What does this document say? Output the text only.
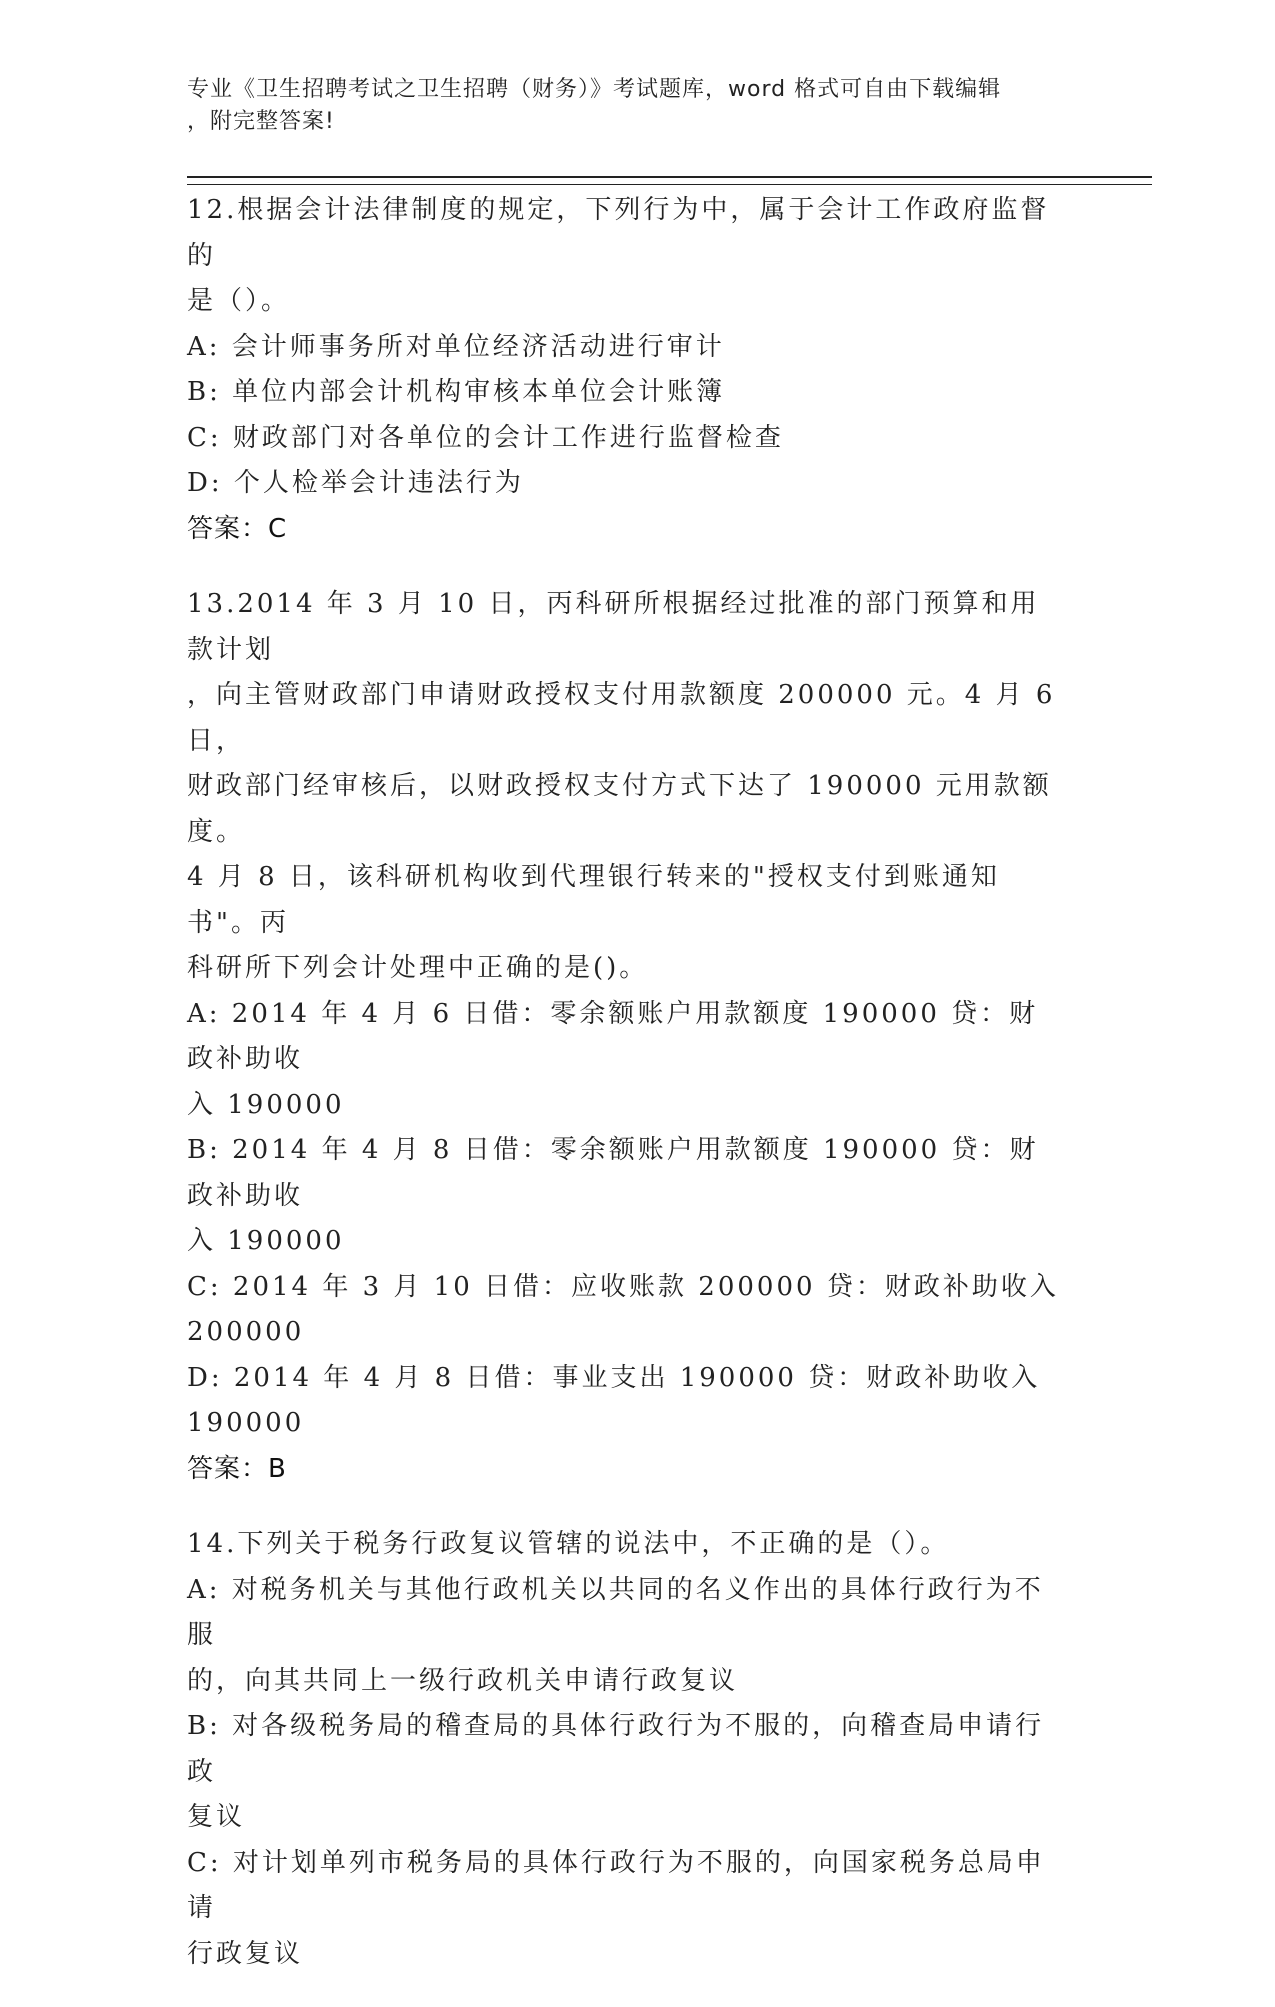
专业《卫生招聘考试之卫生招聘（财务）》考试题库，word 格式可自由下载编辑
，附完整答案!
12.根据会计法律制度的规定，下列行为中，属于会计工作政府监督的
是（）。
A: 会计师事务所对单位经济活动进行审计
B: 单位内部会计机构审核本单位会计账簿
C: 财政部门对各单位的会计工作进行监督检查
D: 个人检举会计违法行为
答案：C
13.2014 年 3 月 10 日，丙科研所根据经过批准的部门预算和用款计划
，向主管财政部门申请财政授权支付用款额度 200000 元。4 月 6 日，
财政部门经审核后，以财政授权支付方式下达了 190000 元用款额度。
4 月 8 日，该科研机构收到代理银行转来的"授权支付到账通知书"。丙
科研所下列会计处理中正确的是()。
A: 2014 年 4 月 6 日借：零余额账户用款额度 190000 贷：财政补助收
入 190000
B: 2014 年 4 月 8 日借：零余额账户用款额度 190000 贷：财政补助收
入 190000
C: 2014 年 3 月 10 日借：应收账款 200000 贷：财政补助收入 200000
D: 2014 年 4 月 8 日借：事业支出 190000 贷：财政补助收入 190000
答案：B
14.下列关于税务行政复议管辖的说法中，不正确的是（）。
A: 对税务机关与其他行政机关以共同的名义作出的具体行政行为不服
的，向其共同上一级行政机关申请行政复议
B: 对各级税务局的稽查局的具体行政行为不服的，向稽查局申请行政
复议
C: 对计划单列市税务局的具体行政行为不服的，向国家税务总局申请
行政复议
